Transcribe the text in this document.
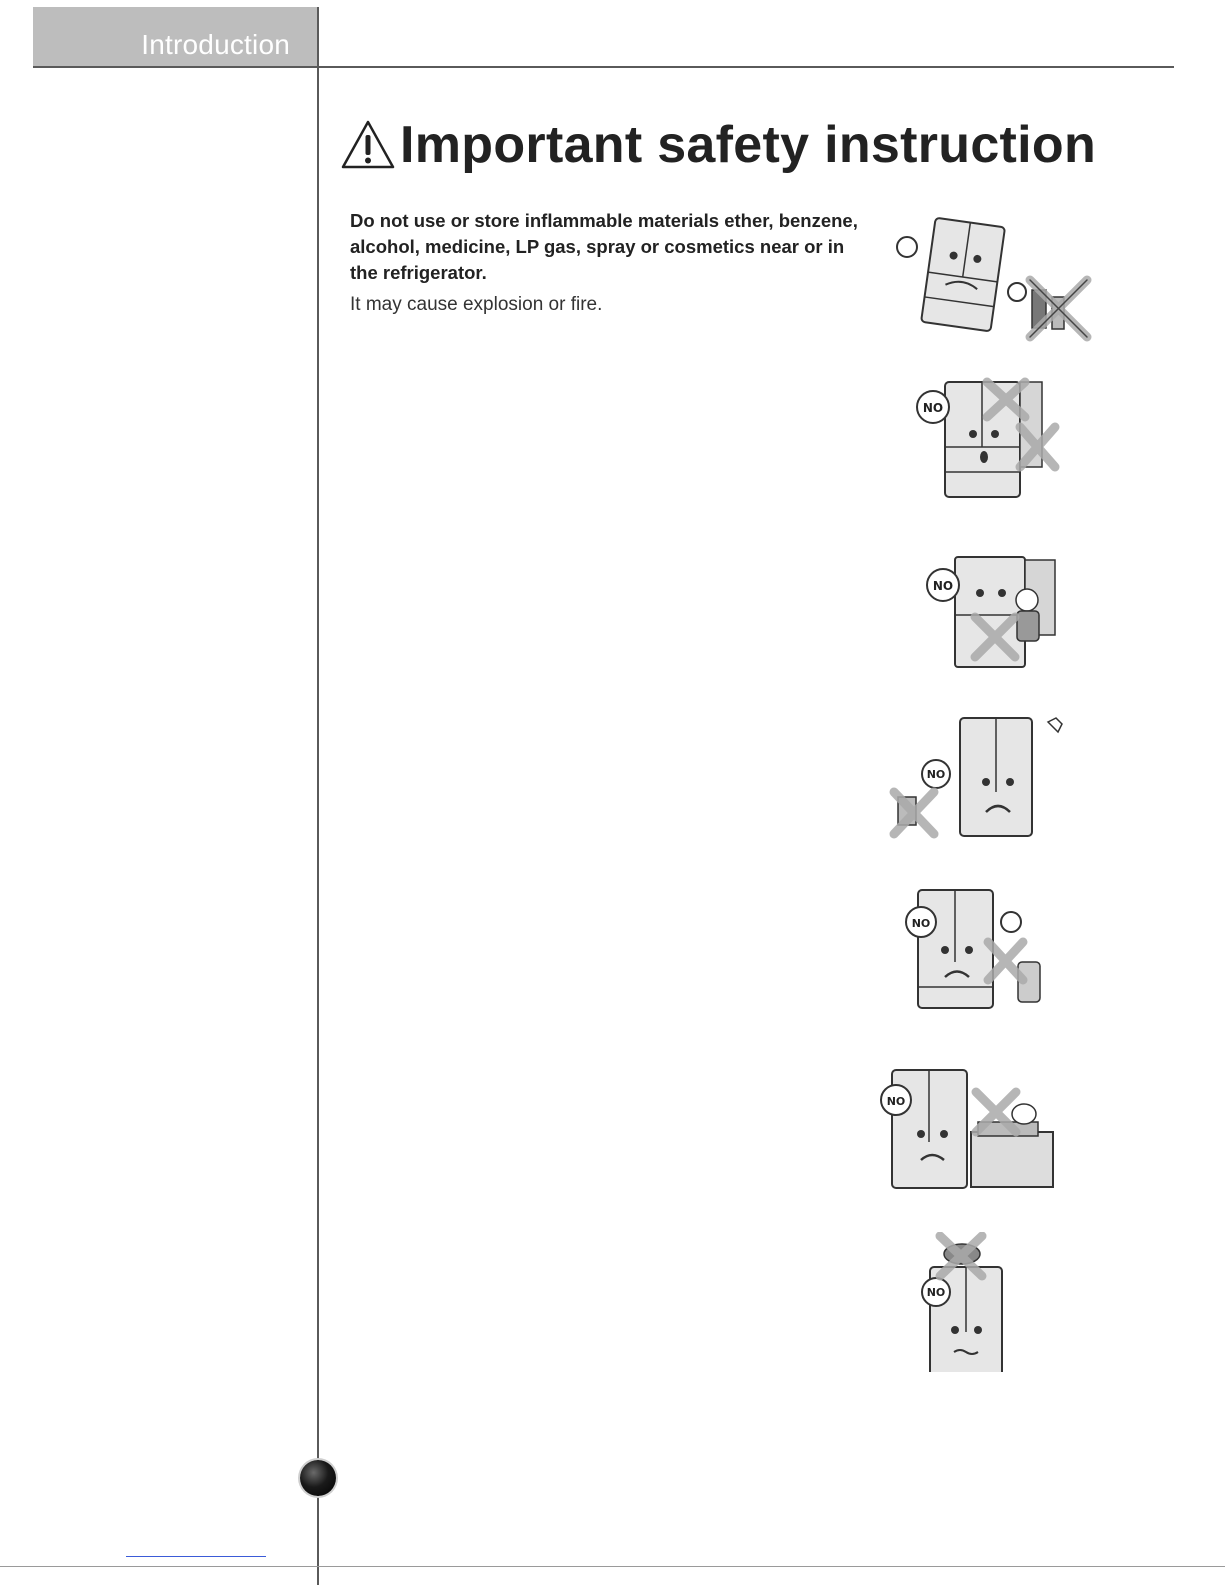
Introduction
Important safety instruction
Do not use or store inflammable materials ether, benzene, alcohol, medicine, LP gas, spray or cosmetics near or in the refrigerator.
It may cause explosion or fire.
NO
NO
NO
NO
NO
NO
